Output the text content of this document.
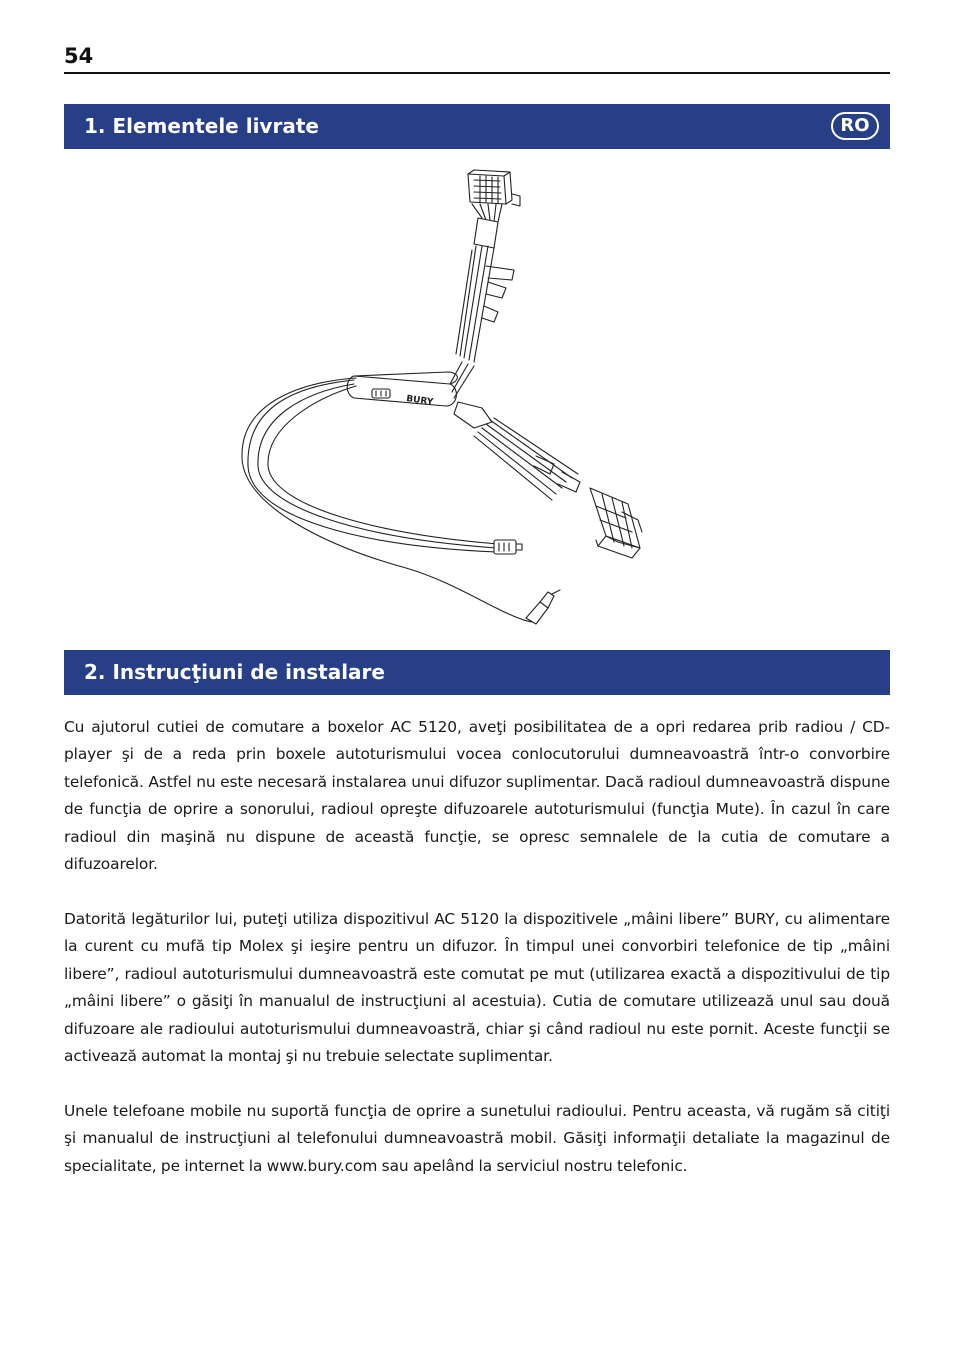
54
1. Elementele livrate	RO
BURY
2. Instrucţiuni de instalare

Cu ajutorul cutiei de comutare a boxelor AC 5120, aveţi posibilitatea de a opri redarea prib radiou / CD-player şi de a reda prin boxele autoturismului vocea conlocutorului dumneavoastră într-o convorbire telefonică. Astfel nu este necesară instalarea unui difuzor suplimentar. Dacă radioul dumneavoastră dispune de funcţia de oprire a sonorului, radioul opreşte difuzoarele autoturismului (funcţia Mute). În cazul în care radioul din maşină nu dispune de această funcţie, se opresc semnalele de la cutia de comutare a difuzoarelor.

Datorită legăturilor lui, puteţi utiliza dispozitivul AC 5120 la dispozitivele „mâini libere” BURY, cu alimentare la curent cu mufă tip Molex şi ieşire pentru un difuzor. În timpul unei convorbiri telefonice de tip „mâini libere”, radioul autoturismului dumneavoastră este comutat pe mut (utilizarea exactă a dispozitivului de tip „mâini libere” o găsiţi în manualul de instrucţiuni al acestuia). Cutia de comutare utilizează unul sau două difuzoare ale radioului autoturismului dumneavoastră, chiar şi când radioul nu este pornit. Aceste funcţii se activează automat la montaj şi nu trebuie selectate suplimentar.

Unele telefoane mobile nu suportă funcţia de oprire a sunetului radioului. Pentru aceasta, vă rugăm să citiţi şi manualul de instrucţiuni al telefonului dumneavoastră mobil. Găsiţi informaţii detaliate la magazinul de specialitate, pe internet la www.bury.com sau apelând la serviciul nostru telefonic.
